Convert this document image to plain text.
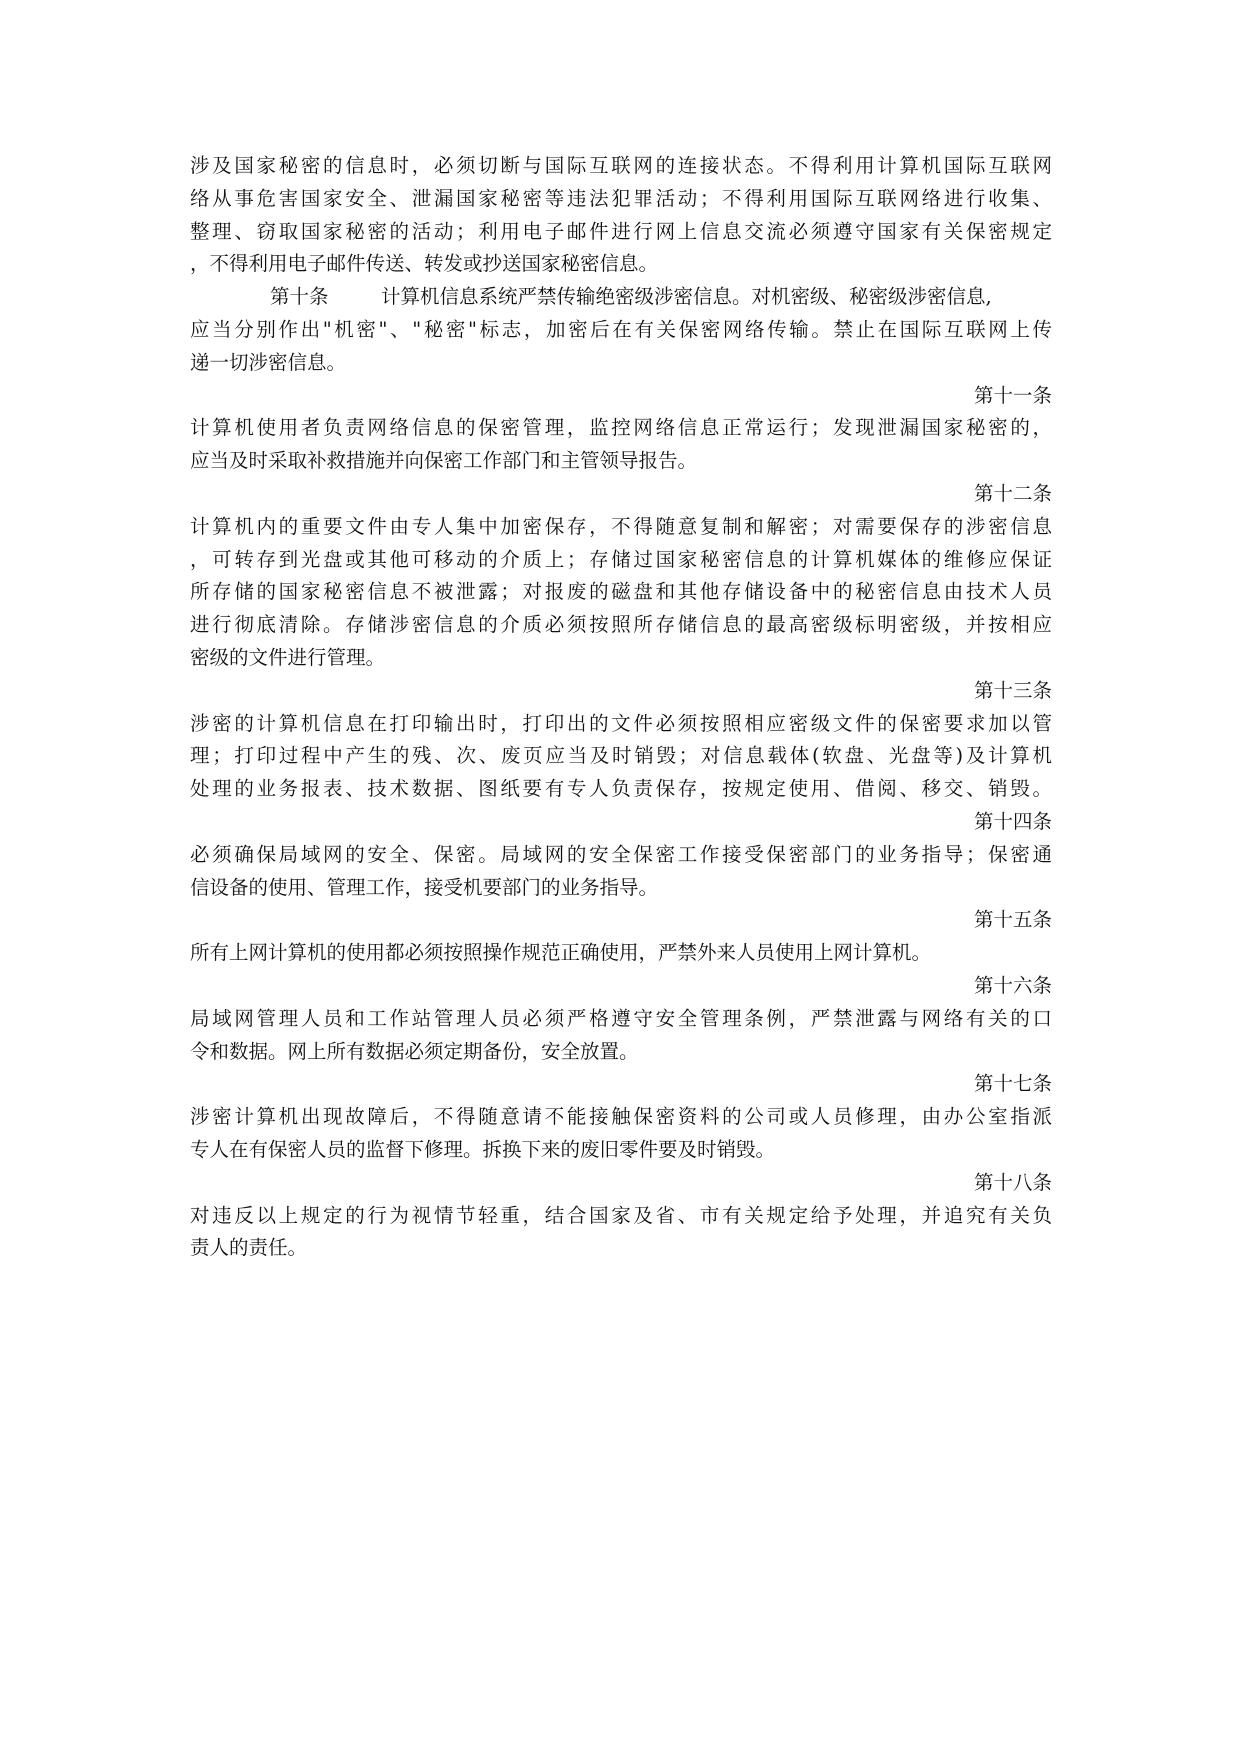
涉及国家秘密的信息时，必须切断与国际互联网的连接状态。不得利用计算机国际互联网
络从事危害国家安全、泄漏国家秘密等违法犯罪活动；不得利用国际互联网络进行收集、
整理、窃取国家秘密的活动；利用电子邮件进行网上信息交流必须遵守国家有关保密规定
，不得利用电子邮件传送、转发或抄送国家秘密信息。
第十条	计算机信息系统严禁传输绝密级涉密信息。对机密级、秘密级涉密信息,
应当分别作出"机密"、"秘密"标志，加密后在有关保密网络传输。禁止在国际互联网上传
递一切涉密信息。
第十一条
计算机使用者负责网络信息的保密管理，监控网络信息正常运行；发现泄漏国家秘密的，
应当及时采取补救措施并向保密工作部门和主管领导报告。
第十二条
计算机内的重要文件由专人集中加密保存，不得随意复制和解密；对需要保存的涉密信息
，可转存到光盘或其他可移动的介质上；存储过国家秘密信息的计算机媒体的维修应保证
所存储的国家秘密信息不被泄露；对报废的磁盘和其他存储设备中的秘密信息由技术人员
进行彻底清除。存储涉密信息的介质必须按照所存储信息的最高密级标明密级，并按相应
密级的文件进行管理。
第十三条
涉密的计算机信息在打印输出时，打印出的文件必须按照相应密级文件的保密要求加以管
理；打印过程中产生的残、次、废页应当及时销毁；对信息载体(软盘、光盘等)及计算机
处理的业务报表、技术数据、图纸要有专人负责保存，按规定使用、借阅、移交、销毁。
第十四条
必须确保局域网的安全、保密。局域网的安全保密工作接受保密部门的业务指导；保密通
信设备的使用、管理工作，接受机要部门的业务指导。
第十五条
所有上网计算机的使用都必须按照操作规范正确使用，严禁外来人员使用上网计算机。
第十六条
局域网管理人员和工作站管理人员必须严格遵守安全管理条例，严禁泄露与网络有关的口
令和数据。网上所有数据必须定期备份，安全放置。
第十七条
涉密计算机出现故障后，不得随意请不能接触保密资料的公司或人员修理，由办公室指派
专人在有保密人员的监督下修理。拆换下来的废旧零件要及时销毁。
第十八条
对违反以上规定的行为视情节轻重，结合国家及省、市有关规定给予处理，并追究有关负
责人的责任。
